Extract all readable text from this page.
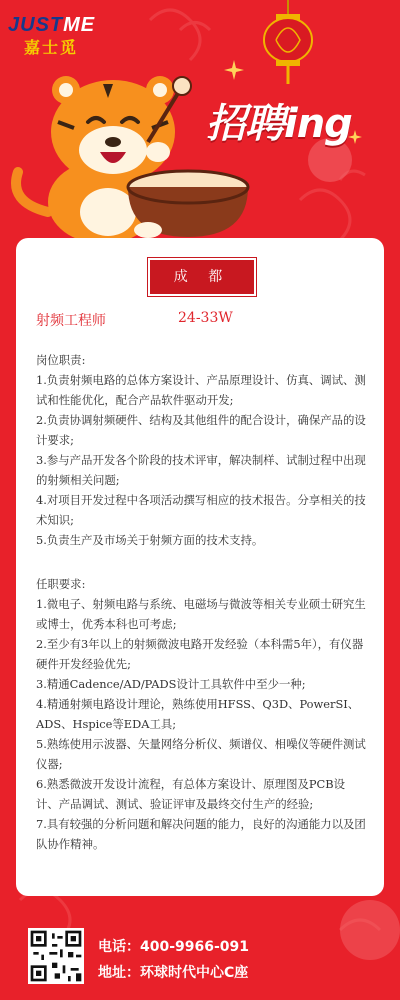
JUSTME
嘉士觅
招聘ing
成 都
射频工程师	24-33W

岗位职责:

1.负责射频电路的总体方案设计、产品原理设计、仿真、调试、测试和性能优化，配合产品软件驱动开发;

2.负责协调射频硬件、结构及其他组件的配合设计，确保产品的设计要求;

3.参与产品开发各个阶段的技术评审，解决制样、试制过程中出现的射频相关问题;

4.对项目开发过程中各项活动撰写相应的技术报告。分享相关的技术知识;

5.负责生产及市场关于射频方面的技术支持。

任职要求:

1.微电子、射频电路与系统、电磁场与微波等相关专业硕士研究生或博士，优秀本科也可考虑;

2.至少有3年以上的射频微波电路开发经验（本科需5年），有仪器硬件开发经验优先;

3.精通Cadence/AD/PADS设计工具软件中至少一种;

4.精通射频电路设计理论，熟练使用HFSS、Q3D、PowerSI、ADS、Hspice等EDA工具;

5.熟练使用示波器、矢量网络分析仪、频谱仪、相噪仪等硬件测试仪器;

6.熟悉微波开发设计流程，有总体方案设计、原理图及PCB设计、产品调试、测试、验证评审及最终交付生产的经验;

7.具有较强的分析问题和解决问题的能力，良好的沟通能力以及团队协作精神。

电话：400-9966-091
地址：环球时代中心C座
